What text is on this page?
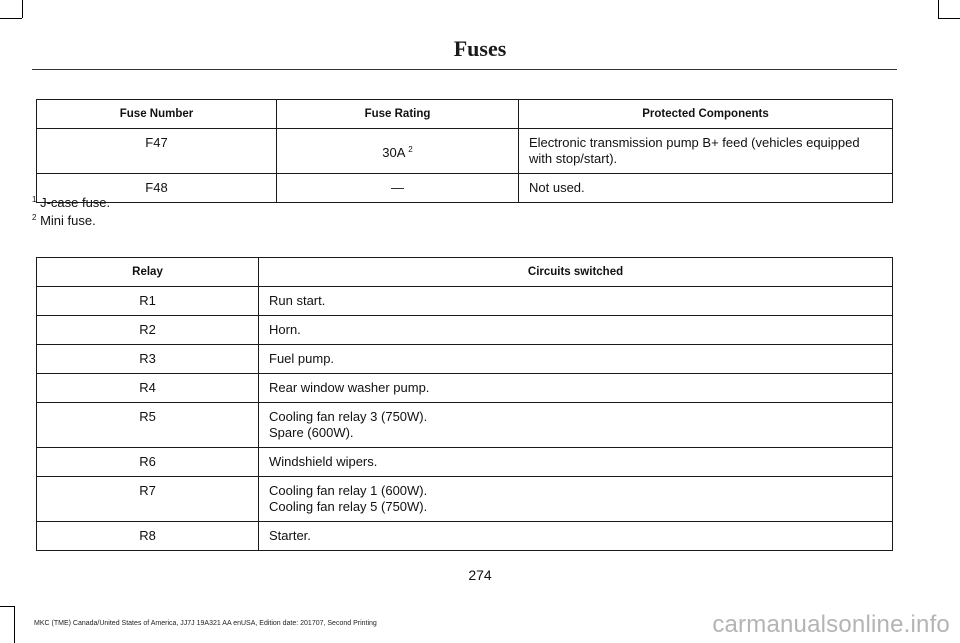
Fuses
Fuse Number	Fuse Rating	Protected Components
F47	30A $^2$	Electronic transmission pump B+ feed (vehicles equipped with stop/start).
F48	—	Not used.
$^1$ J-case fuse.
$^2$ Mini fuse.
Relay	Circuits switched
R1	Run start.

R2	Horn.

R3	Fuel pump.

R4	Rear window washer pump.

R5	Cooling fan relay 3 (750W).
Spare (600W).

R6	Windshield wipers.

R7	Cooling fan relay 1 (600W).
Cooling fan relay 5 (750W).

R8	Starter.
274
MKC (TME) Canada/United States of America, JJ7J 19A321 AA enUSA, Edition date: 201707, Second Printing	carmanualsonline.info
